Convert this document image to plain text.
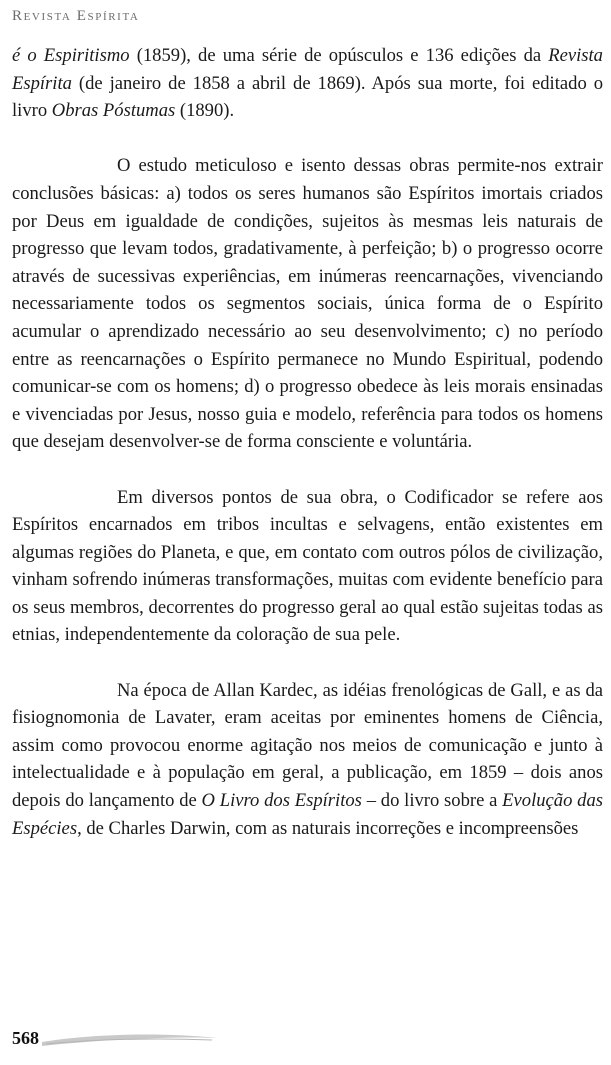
Revista Espírita

é o Espiritismo (1859), de uma série de opúsculos e 136 edições da Revista Espírita (de janeiro de 1858 a abril de 1869). Após sua morte, foi editado o livro Obras Póstumas (1890).

O estudo meticuloso e isento dessas obras permite-nos extrair conclusões básicas: a) todos os seres humanos são Espíritos imortais criados por Deus em igualdade de condições, sujeitos às mesmas leis naturais de progresso que levam todos, gradativamente, à perfeição; b) o progresso ocorre através de sucessivas experiências, em inúmeras reencarnações, vivenciando necessariamente todos os segmentos sociais, única forma de o Espírito acumular o aprendizado necessário ao seu desenvolvimento; c) no período entre as reencarnações o Espírito permanece no Mundo Espiritual, podendo comunicar-se com os homens; d) o progresso obedece às leis morais ensinadas e vivenciadas por Jesus, nosso guia e modelo, referência para todos os homens que desejam desenvolver-se de forma consciente e voluntária.

Em diversos pontos de sua obra, o Codificador se refere aos Espíritos encarnados em tribos incultas e selvagens, então existentes em algumas regiões do Planeta, e que, em contato com outros pólos de civilização, vinham sofrendo inúmeras transformações, muitas com evidente benefício para os seus membros, decorrentes do progresso geral ao qual estão sujeitas todas as etnias, independentemente da coloração de sua pele.

Na época de Allan Kardec, as idéias frenológicas de Gall, e as da fisiognomonia de Lavater, eram aceitas por eminentes homens de Ciência, assim como provocou enorme agitação nos meios de comunicação e junto à intelectualidade e à população em geral, a publicação, em 1859 – dois anos depois do lançamento de O Livro dos Espíritos – do livro sobre a Evolução das Espécies, de Charles Darwin, com as naturais incorreções e incompreensões

568
